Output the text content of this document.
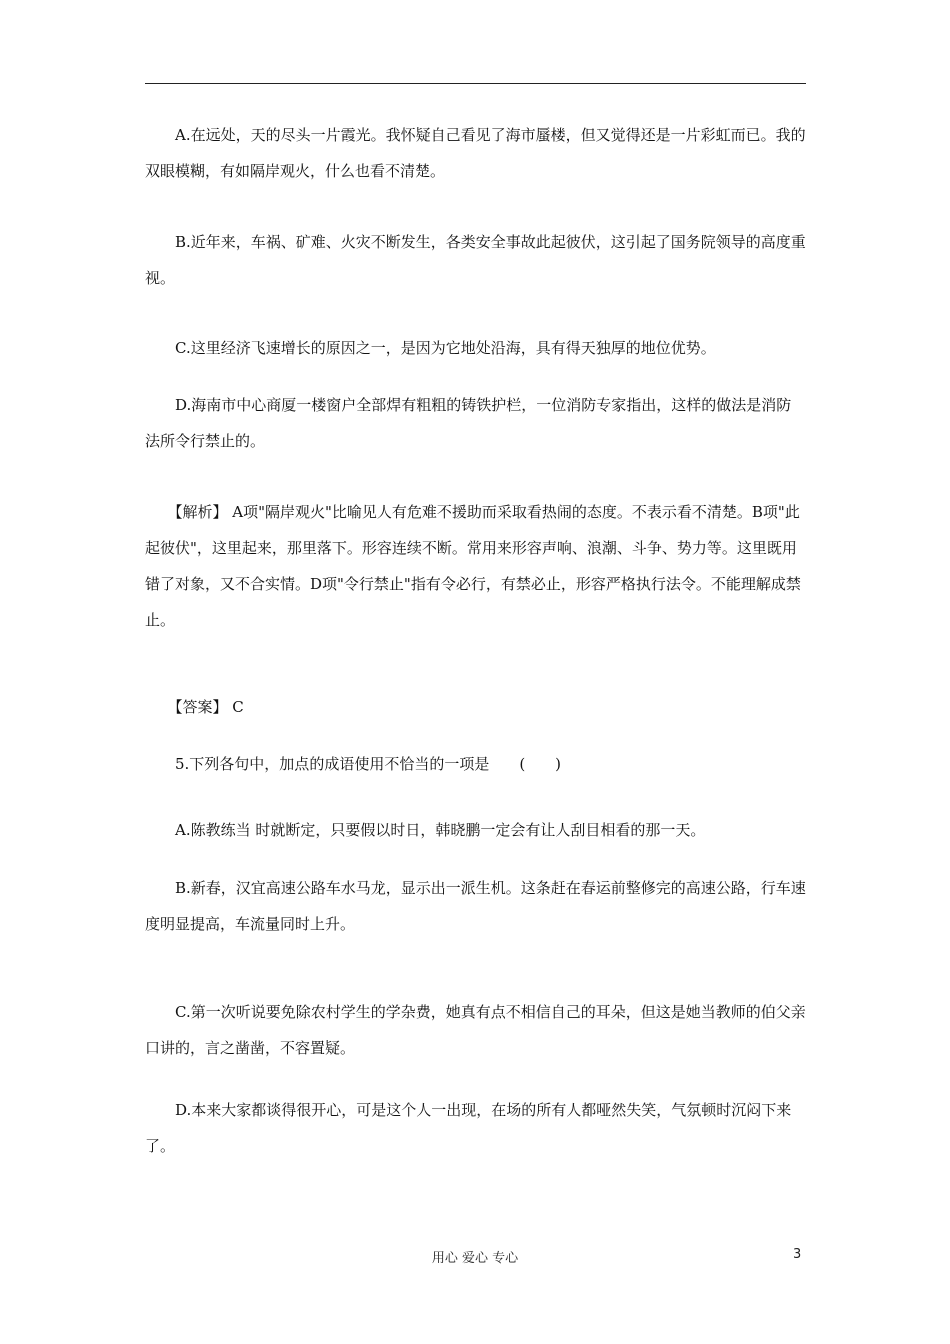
　　A.在远处，天的尽头一片霞光。我怀疑自己看见了海市蜃楼，但又觉得还是一片彩虹而已。我的双眼模糊，有如隔岸观火，什么也看不清楚。

　　B.近年来，车祸、矿难、火灾不断发生，各类安全事故此起彼伏，这引起了国务院领导的高度重视。

　　C.这里经济飞速增长的原因之一，是因为它地处沿海，具有得天独厚的地位优势。

　　D.海南市中心商厦一楼窗户全部焊有粗粗的铸铁护栏，一位消防专家指出，这样的做法是消防法所令行禁止的。

　　【解析】 A项"隔岸观火"比喻见人有危难不援助而采取看热闹的态度。不表示看不清楚。B项"此起彼伏"，这里起来，那里落下。形容连续不断。常用来形容声响、浪潮、斗争、势力等。这里既用错了对象，又不合实情。D项"令行禁止"指有令必行，有禁必止，形容严格执行法令。不能理解成禁止。

　　【答案】 C

　　5.下列各句中，加点的成语使用不恰当的一项是　　(　　)

　　A.陈教练当 时就断定，只要假以时日，韩晓鹏一定会有让人刮目相看的那一天。

　　B.新春，汉宜高速公路车水马龙，显示出一派生机。这条赶在春运前整修完的高速公路，行车速度明显提高，车流量同时上升。

　　C.第一次听说要免除农村学生的学杂费，她真有点不相信自己的耳朵，但这是她当教师的伯父亲口讲的，言之凿凿，不容置疑。

　　D.本来大家都谈得很开心，可是这个人一出现，在场的所有人都哑然失笑，气氛顿时沉闷下来了。

用心 爱心 专心	3
